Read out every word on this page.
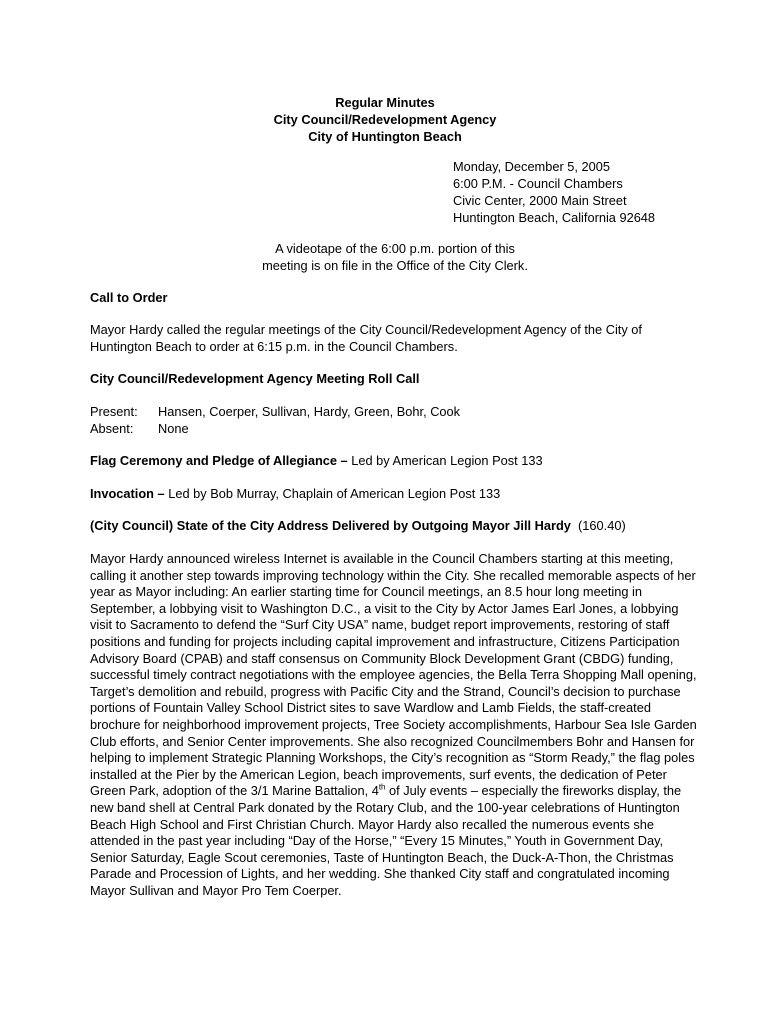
Regular Minutes
City Council/Redevelopment Agency
City of Huntington Beach
Monday, December 5, 2005
6:00 P.M. - Council Chambers
Civic Center, 2000 Main Street
Huntington Beach, California 92648
A videotape of the 6:00 p.m. portion of this
meeting is on file in the Office of the City Clerk.
Call to Order

Mayor Hardy called the regular meetings of the City Council/Redevelopment Agency of the City of Huntington Beach to order at 6:15 p.m. in the Council Chambers.

City Council/Redevelopment Agency Meeting Roll Call
Present:	Hansen, Coerper, Sullivan, Hardy, Green, Bohr, Cook
Absent:	None
Flag Ceremony and Pledge of Allegiance – Led by American Legion Post 133
Invocation – Led by Bob Murray, Chaplain of American Legion Post 133
(City Council) State of the City Address Delivered by Outgoing Mayor Jill Hardy (160.40)

Mayor Hardy announced wireless Internet is available in the Council Chambers starting at this meeting, calling it another step towards improving technology within the City. She recalled memorable aspects of her year as Mayor including: An earlier starting time for Council meetings, an 8.5 hour long meeting in September, a lobbying visit to Washington D.C., a visit to the City by Actor James Earl Jones, a lobbying visit to Sacramento to defend the “Surf City USA” name, budget report improvements, restoring of staff positions and funding for projects including capital improvement and infrastructure, Citizens Participation Advisory Board (CPAB) and staff consensus on Community Block Development Grant (CBDG) funding, successful timely contract negotiations with the employee agencies, the Bella Terra Shopping Mall opening, Target’s demolition and rebuild, progress with Pacific City and the Strand, Council’s decision to purchase portions of Fountain Valley School District sites to save Wardlow and Lamb Fields, the staff-created brochure for neighborhood improvement projects, Tree Society accomplishments, Harbour Sea Isle Garden Club efforts, and Senior Center improvements. She also recognized Councilmembers Bohr and Hansen for helping to implement Strategic Planning Workshops, the City’s recognition as “Storm Ready,” the flag poles installed at the Pier by the American Legion, beach improvements, surf events, the dedication of Peter Green Park, adoption of the 3/1 Marine Battalion, 4th of July events – especially the fireworks display, the new band shell at Central Park donated by the Rotary Club, and the 100-year celebrations of Huntington Beach High School and First Christian Church. Mayor Hardy also recalled the numerous events she attended in the past year including “Day of the Horse,” “Every 15 Minutes,” Youth in Government Day, Senior Saturday, Eagle Scout ceremonies, Taste of Huntington Beach, the Duck-A-Thon, the Christmas Parade and Procession of Lights, and her wedding. She thanked City staff and congratulated incoming Mayor Sullivan and Mayor Pro Tem Coerper.
